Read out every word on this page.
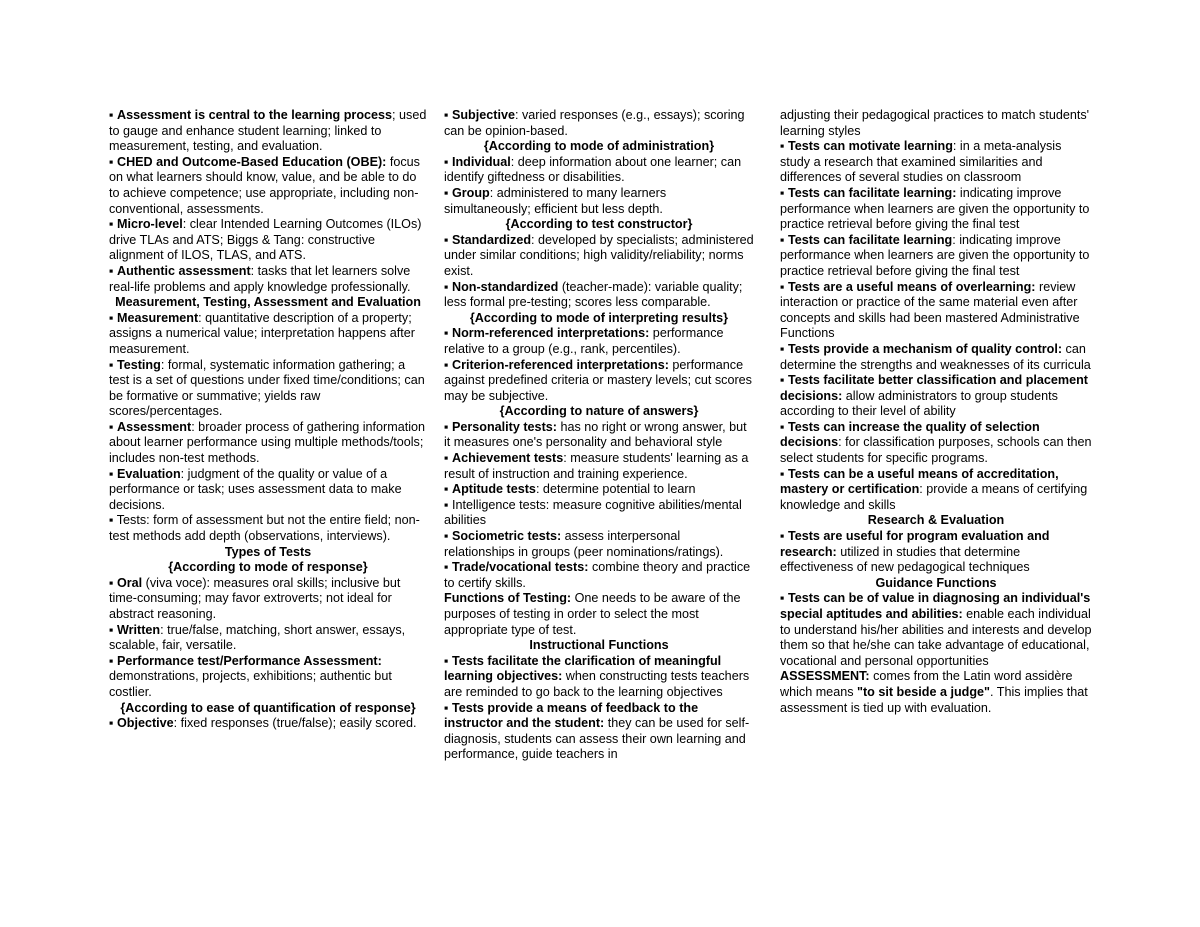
▪ Assessment is central to the learning process; used to gauge and enhance student learning; linked to measurement, testing, and evaluation.

▪ CHED and Outcome-Based Education (OBE): focus on what learners should know, value, and be able to do to achieve competence; use appropriate, including non-conventional, assessments.

▪ Micro-level: clear Intended Learning Outcomes (ILOs) drive TLAs and ATS; Biggs & Tang: constructive alignment of ILOS, TLAS, and ATS.

▪ Authentic assessment: tasks that let learners solve real-life problems and apply knowledge professionally.

Measurement, Testing, Assessment and Evaluation

▪ Measurement: quantitative description of a property; assigns a numerical value; interpretation happens after measurement.

▪ Testing: formal, systematic information gathering; a test is a set of questions under fixed time/conditions; can be formative or summative; yields raw scores/percentages.

▪ Assessment: broader process of gathering information about learner performance using multiple methods/tools; includes non-test methods.

▪ Evaluation: judgment of the quality or value of a performance or task; uses assessment data to make decisions.

▪ Tests: form of assessment but not the entire field; non-test methods add depth (observations, interviews).

Types of Tests

{According to mode of response}

▪ Oral (viva voce): measures oral skills; inclusive but time-consuming; may favor extroverts; not ideal for abstract reasoning.

▪ Written: true/false, matching, short answer, essays, scalable, fair, versatile.

▪ Performance test/Performance Assessment: demonstrations, projects, exhibitions; authentic but costlier.

{According to ease of quantification of response}

▪ Objective: fixed responses (true/false); easily scored.

▪ Subjective: varied responses (e.g., essays); scoring can be opinion-based.

{According to mode of administration}

▪ Individual: deep information about one learner; can identify giftedness or disabilities.

▪ Group: administered to many learners simultaneously; efficient but less depth.

{According to test constructor}

▪ Standardized: developed by specialists; administered under similar conditions; high validity/reliability; norms exist.

▪ Non-standardized (teacher-made): variable quality; less formal pre-testing; scores less comparable.

{According to mode of interpreting results}

▪ Norm-referenced interpretations: performance relative to a group (e.g., rank, percentiles).

▪ Criterion-referenced interpretations: performance against predefined criteria or mastery levels; cut scores may be subjective.

{According to nature of answers}

▪ Personality tests: has no right or wrong answer, but it measures one's personality and behavioral style

▪ Achievement tests: measure students' learning as a result of instruction and training experience.

▪ Aptitude tests: determine potential to learn

▪ Intelligence tests: measure cognitive abilities/mental abilities

▪ Sociometric tests: assess interpersonal relationships in groups (peer nominations/ratings).

▪ Trade/vocational tests: combine theory and practice to certify skills.

Functions of Testing: One needs to be aware of the purposes of testing in order to select the most appropriate type of test.

Instructional Functions

▪ Tests facilitate the clarification of meaningful learning objectives: when constructing tests teachers are reminded to go back to the learning objectives

▪ Tests provide a means of feedback to the instructor and the student: they can be used for self-diagnosis, students can assess their own learning and performance, guide teachers in

adjusting their pedagogical practices to match students' learning styles

▪ Tests can motivate learning: in a meta-analysis study a research that examined similarities and differences of several studies on classroom

▪ Tests can facilitate learning: indicating improve performance when learners are given the opportunity to practice retrieval before giving the final test

▪ Tests can facilitate learning: indicating improve performance when learners are given the opportunity to practice retrieval before giving the final test

▪ Tests are a useful means of overlearning: review interaction or practice of the same material even after concepts and skills had been mastered Administrative Functions

▪ Tests provide a mechanism of quality control: can determine the strengths and weaknesses of its curricula

▪ Tests facilitate better classification and placement decisions: allow administrators to group students according to their level of ability

▪ Tests can increase the quality of selection decisions: for classification purposes, schools can then select students for specific programs.

▪ Tests can be a useful means of accreditation, mastery or certification: provide a means of certifying knowledge and skills

Research & Evaluation

▪ Tests are useful for program evaluation and research: utilized in studies that determine effectiveness of new pedagogical techniques

Guidance Functions

▪ Tests can be of value in diagnosing an individual's special aptitudes and abilities: enable each individual to understand his/her abilities and interests and develop them so that he/she can take advantage of educational, vocational and personal opportunities

ASSESSMENT: comes from the Latin word assidère which means "to sit beside a judge". This implies that assessment is tied up with evaluation.
